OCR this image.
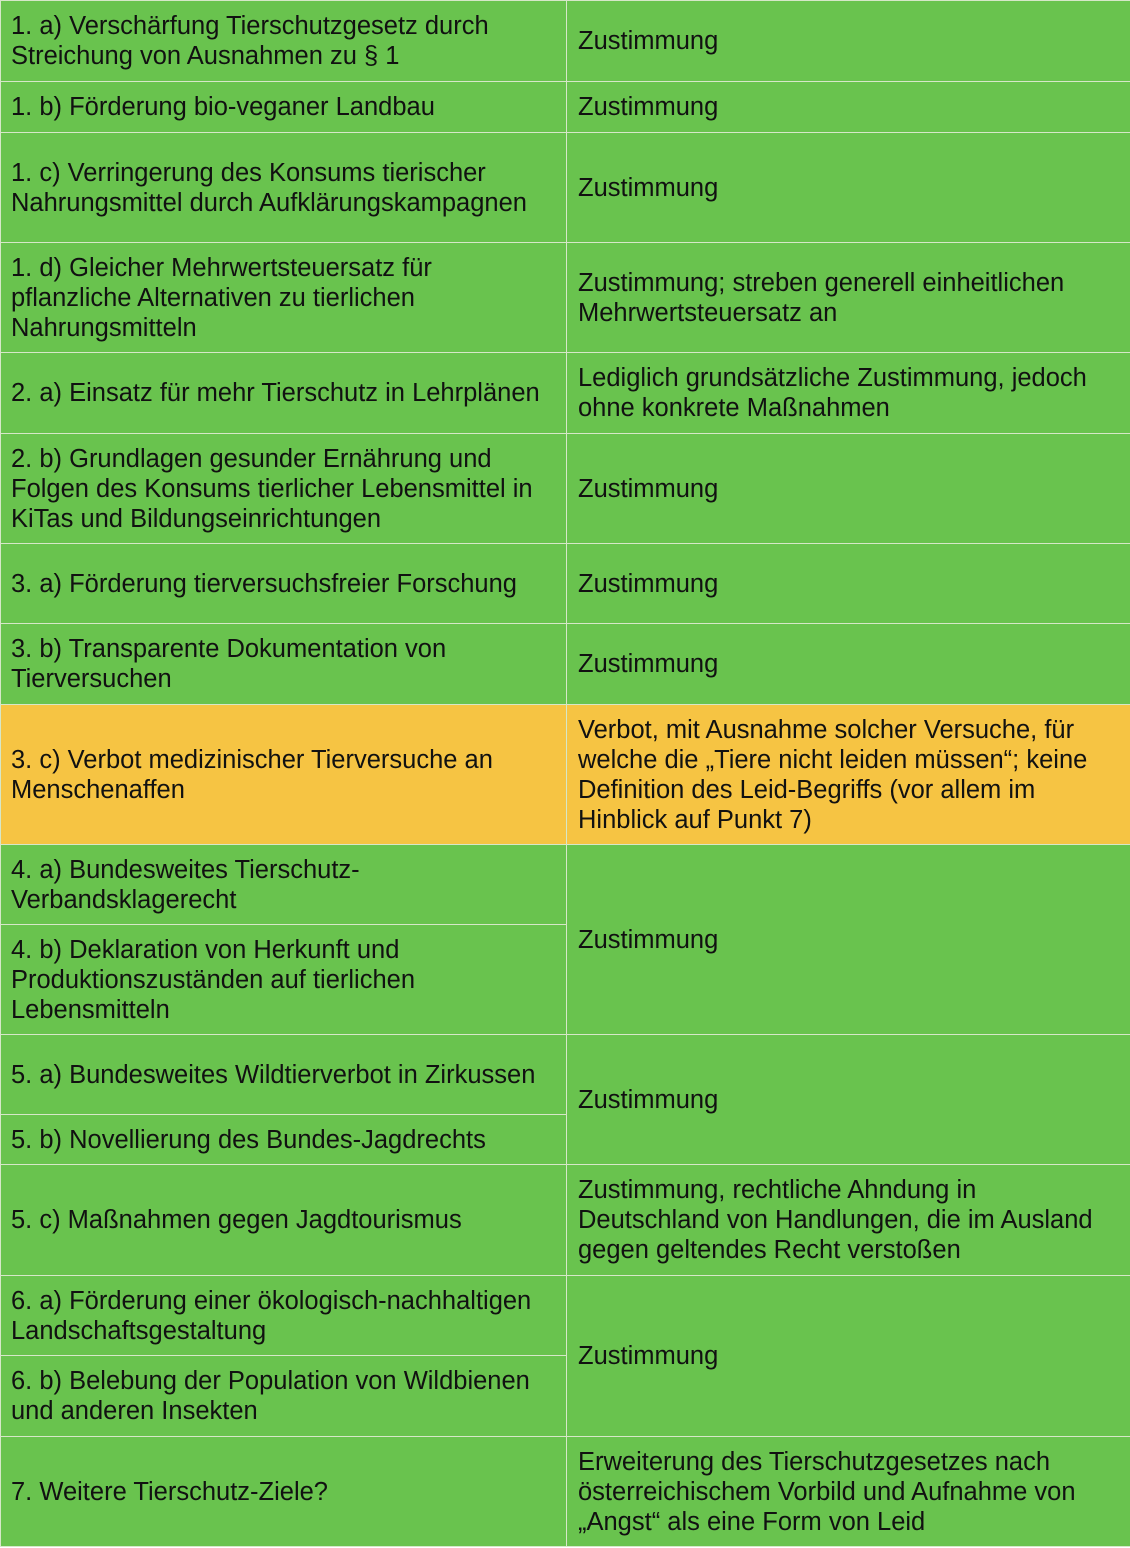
1. a) Verschärfung Tierschutzgesetz durch Streichung von Ausnahmen zu § 1	Zustimmung
1. b) Förderung bio-veganer Landbau	Zustimmung
1. c) Verringerung des Konsums tierischer Nahrungsmittel durch Aufklärungskampagnen	Zustimmung
1. d) Gleicher Mehrwertsteuersatz für pflanzliche Alternativen zu tierlichen Nahrungsmitteln	Zustimmung; streben generell einheitlichen Mehrwertsteuersatz an
2. a) Einsatz für mehr Tierschutz in Lehrplänen	Lediglich grundsätzliche Zustimmung, jedoch ohne konkrete Maßnahmen
2. b) Grundlagen gesunder Ernährung und Folgen des Konsums tierlicher Lebensmittel in KiTas und Bildungseinrichtungen	Zustimmung
3. a) Förderung tierversuchsfreier Forschung	Zustimmung
3. b) Transparente Dokumentation von Tierversuchen	Zustimmung
3. c) Verbot medizinischer Tierversuche an Menschenaffen	Verbot, mit Ausnahme solcher Versuche, für welche die „Tiere nicht leiden müssen“; keine Definition des Leid-Begriffs (vor allem im Hinblick auf Punkt 7)
4. a) Bundesweites Tierschutz-Verbandsklagerecht	Zustimmung
4. b) Deklaration von Herkunft und Produktionszuständen auf tierlichen Lebensmitteln	
5. a) Bundesweites Wildtierverbot in Zirkussen	Zustimmung
5. b) Novellierung des Bundes-Jagdrechts	
5. c) Maßnahmen gegen Jagdtourismus	Zustimmung, rechtliche Ahndung in Deutschland von Handlungen, die im Ausland gegen geltendes Recht verstoßen
6. a) Förderung einer ökologisch-nachhaltigen Landschaftsgestaltung	Zustimmung
6. b) Belebung der Population von Wildbienen und anderen Insekten	
7. Weitere Tierschutz-Ziele?	Erweiterung des Tierschutzgesetzes nach österreichischem Vorbild und Aufnahme von „Angst“ als eine Form von Leid
